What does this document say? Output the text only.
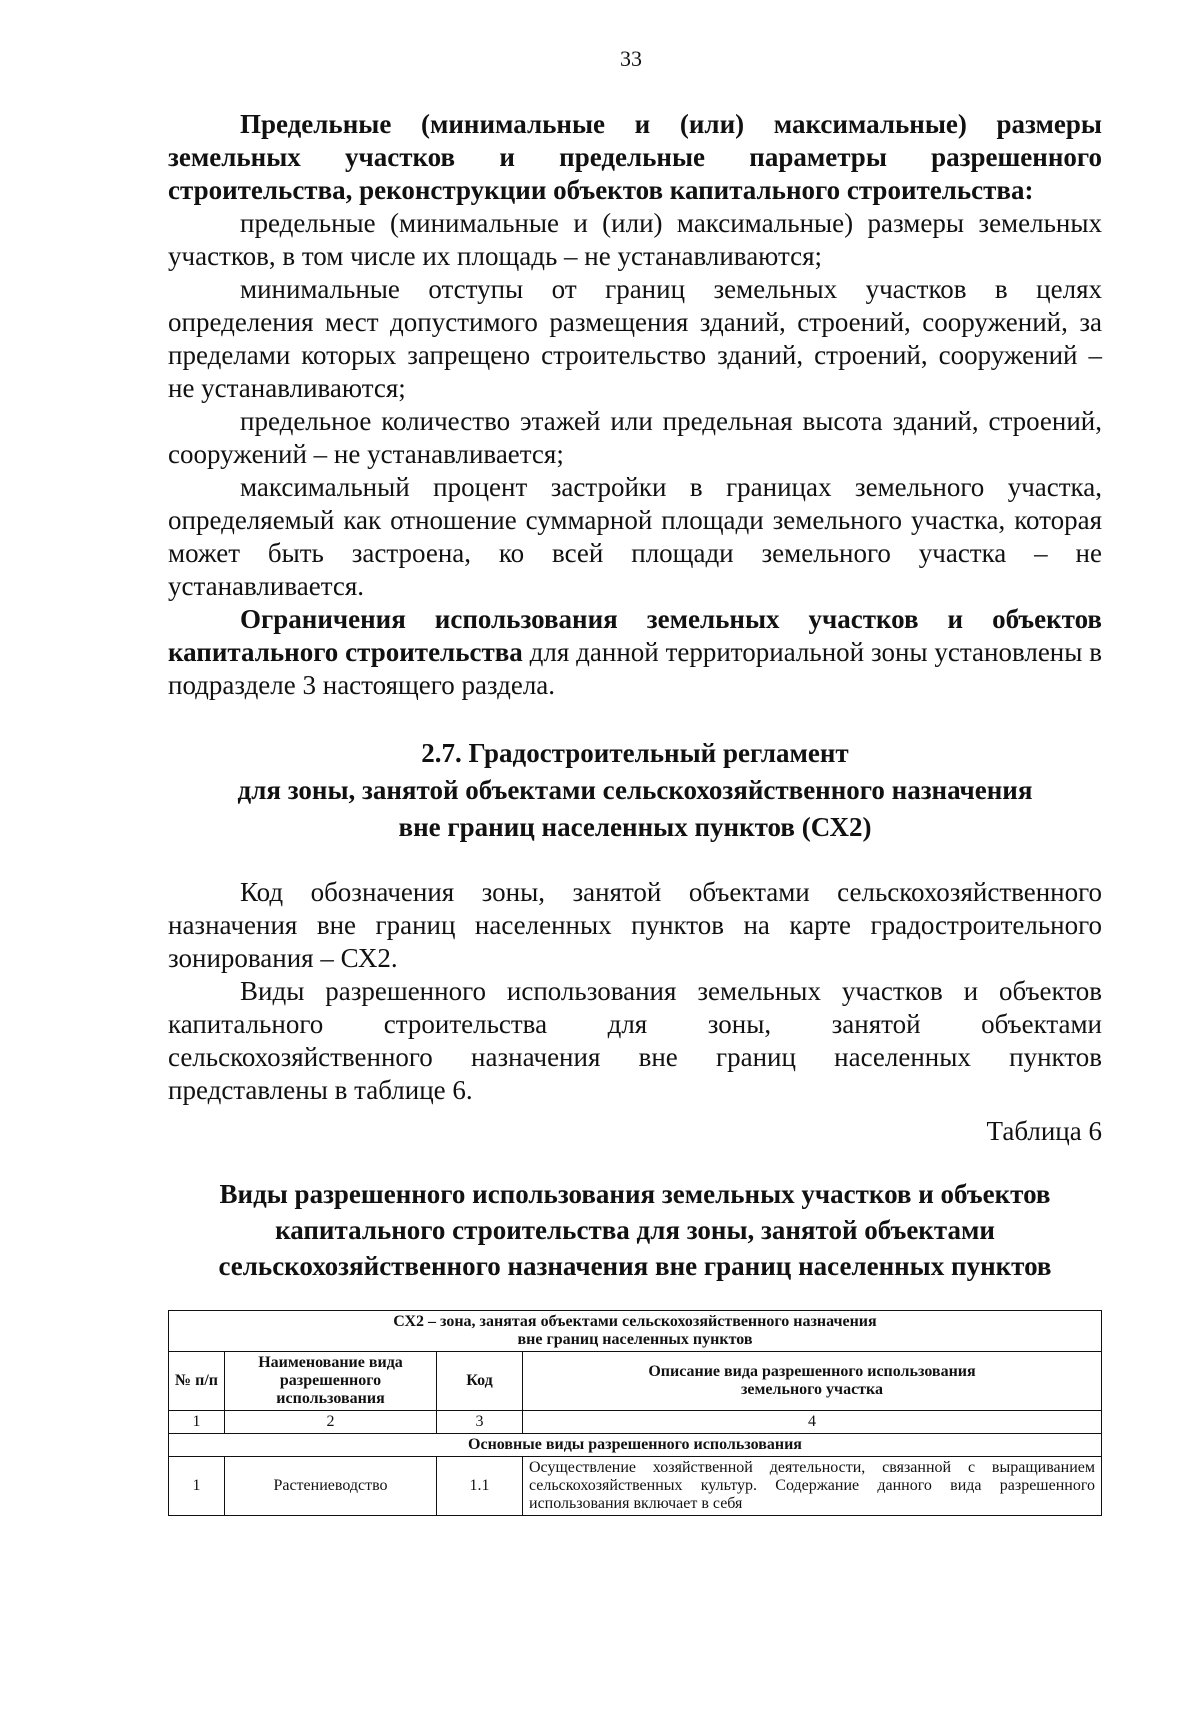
33

Предельные (минимальные и (или) максимальные) размеры земельных участков и предельные параметры разрешенного строительства, реконструкции объектов капитального строительства:

предельные (минимальные и (или) максимальные) размеры земельных участков, в том числе их площадь – не устанавливаются;

минимальные отступы от границ земельных участков в целях определения мест допустимого размещения зданий, строений, сооружений, за пределами которых запрещено строительство зданий, строений, сооружений – не устанавливаются;

предельное количество этажей или предельная высота зданий, строений, сооружений – не устанавливается;

максимальный процент застройки в границах земельного участка, определяемый как отношение суммарной площади земельного участка, которая может быть застроена, ко всей площади земельного участка – не устанавливается.

Ограничения использования земельных участков и объектов капитального строительства для данной территориальной зоны установлены в подразделе 3 настоящего раздела.

2.7. Градостроительный регламент

для зоны, занятой объектами сельскохозяйственного назначения

вне границ населенных пунктов (СХ2)

Код обозначения зоны, занятой объектами сельскохозяйственного назначения вне границ населенных пунктов на карте градостроительного зонирования – СХ2.

Виды разрешенного использования земельных участков и объектов капитального строительства для зоны, занятой объектами сельскохозяйственного назначения вне границ населенных пунктов представлены в таблице 6.

Таблица 6

Виды разрешенного использования земельных участков и объектов

капитального строительства для зоны, занятой объектами

сельскохозяйственного назначения вне границ населенных пунктов

СХ2 – зона, занятая объектами сельскохозяйственного назначения
вне границ населенных пунктов			

№ п/п	Наименование вида разрешенного использования	Код	Описание вида разрешенного использования земельного участка
1	2	3	4
Основные виды разрешенного использования			
1	Растениеводство	1.1	Осуществление хозяйственной деятельности, связанной с выращиванием сельскохозяйственных культур. Содержание данного вида разрешенного использования включает в себя
